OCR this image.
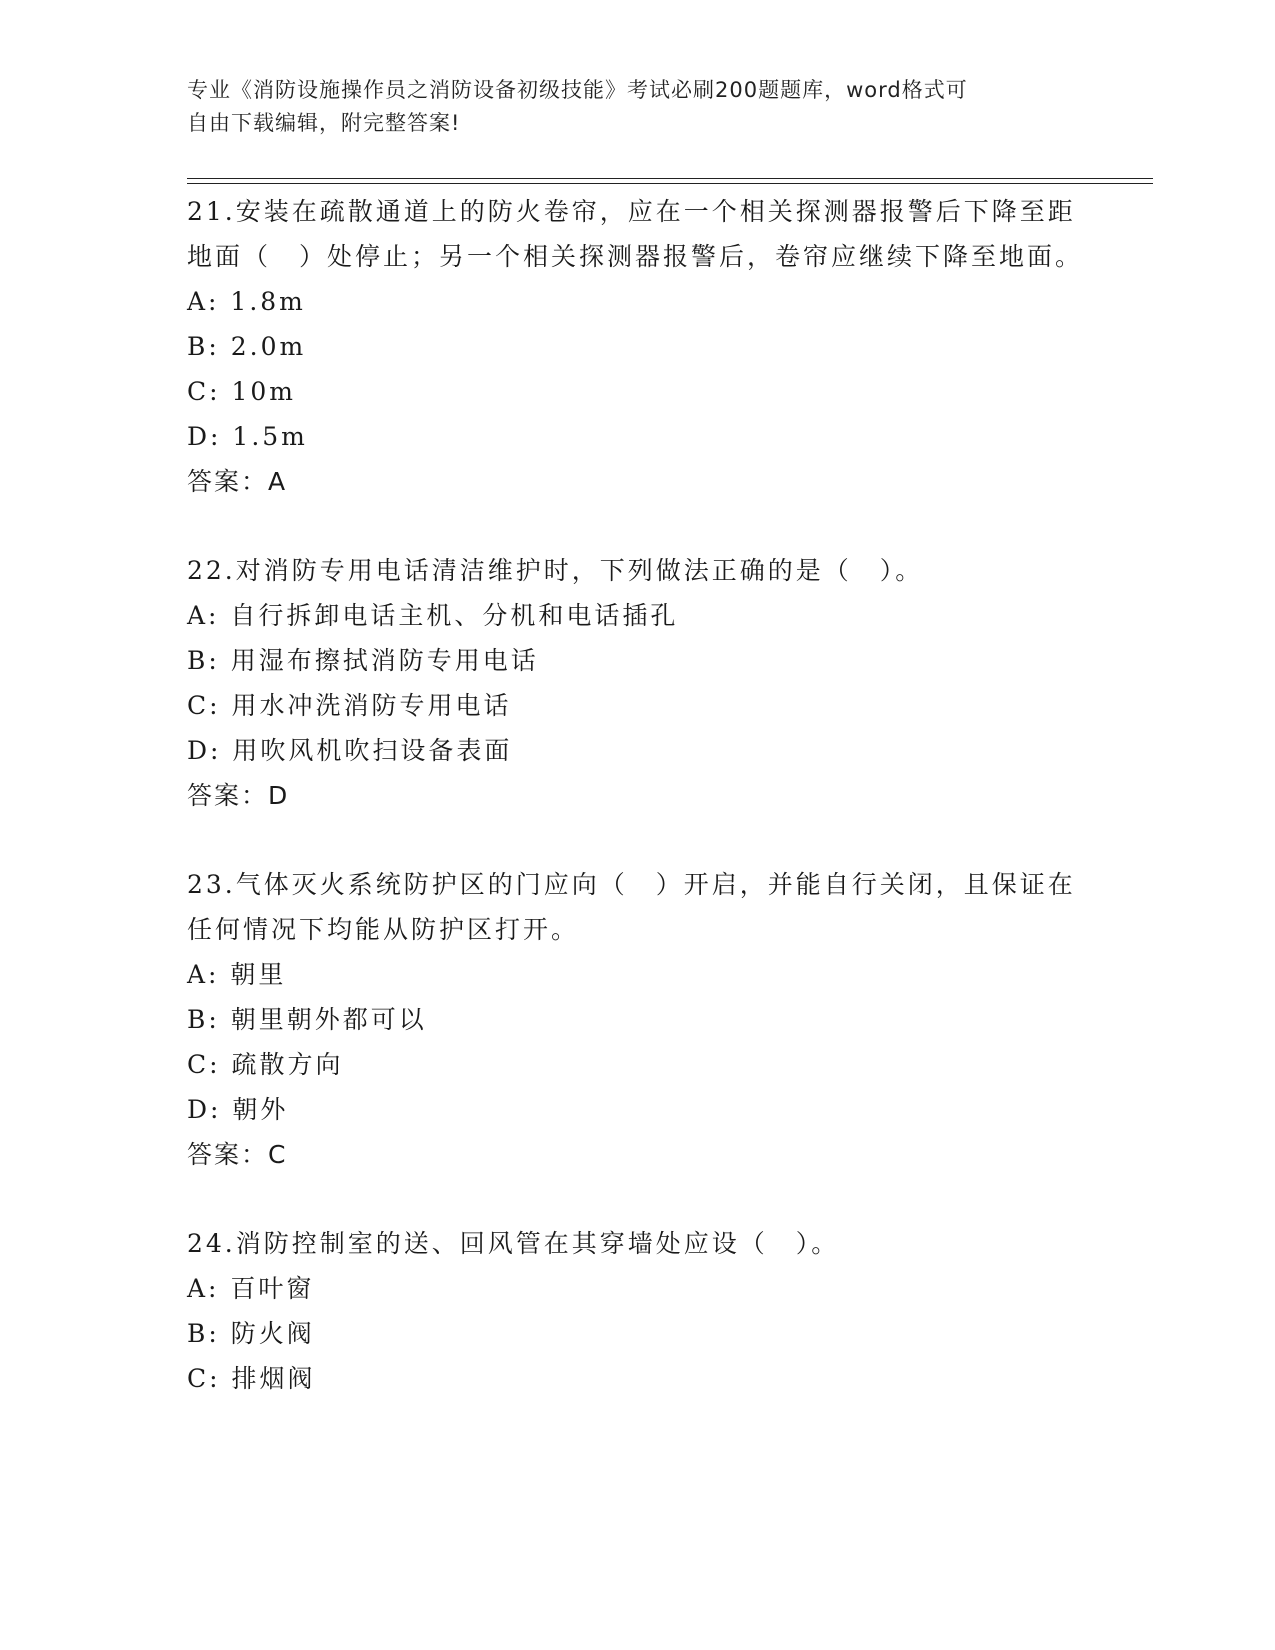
专业《消防设施操作员之消防设备初级技能》考试必刷200题题库，word格式可
自由下载编辑，附完整答案!

21.安装在疏散通道上的防火卷帘，应在一个相关探测器报警后下降至距地面（　）处停止；另一个相关探测器报警后，卷帘应继续下降至地面。

A: 1.8m

B: 2.0m

C: 10m

D: 1.5m

答案：A

22.对消防专用电话清洁维护时，下列做法正确的是（　）。

A: 自行拆卸电话主机、分机和电话插孔

B: 用湿布擦拭消防专用电话

C: 用水冲洗消防专用电话

D: 用吹风机吹扫设备表面

答案：D

23.气体灭火系统防护区的门应向（　）开启，并能自行关闭，且保证在任何情况下均能从防护区打开。

A: 朝里

B: 朝里朝外都可以

C: 疏散方向

D: 朝外

答案：C

24.消防控制室的送、回风管在其穿墙处应设（　）。

A: 百叶窗

B: 防火阀

C: 排烟阀
